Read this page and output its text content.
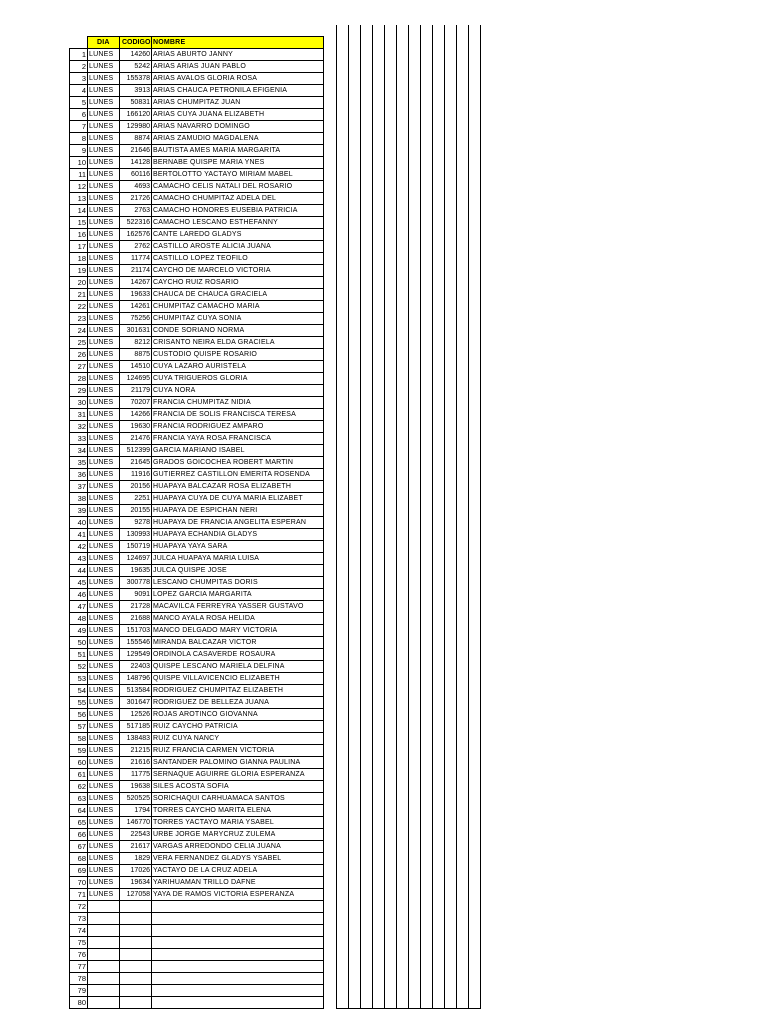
	DIA	CODIGO	NOMBRE													
1	LUNES	14260	ARIAS ABURTO JANNY													
2	LUNES	5242	ARIAS ARIAS JUAN PABLO													
3	LUNES	155378	ARIAS AVALOS GLORIA ROSA													
4	LUNES	3913	ARIAS CHAUCA PETRONILA EFIGENIA													
5	LUNES	50831	ARIAS CHUMPITAZ JUAN													
6	LUNES	166120	ARIAS CUYA JUANA ELIZABETH													
7	LUNES	129980	ARIAS NAVARRO DOMINGO													
8	LUNES	8874	ARIAS ZAMUDIO MAGDALENA													
9	LUNES	21646	BAUTISTA AMES MARIA MARGARITA													
10	LUNES	14128	BERNABE QUISPE MARIA YNES													
11	LUNES	60116	BERTOLOTTO YACTAYO MIRIAM MABEL													
12	LUNES	4693	CAMACHO CELIS NATALI DEL ROSARIO													
13	LUNES	21726	CAMACHO CHUMPITAZ ADELA DEL													
14	LUNES	2763	CAMACHO HONORES EUSEBIA PATRICIA													
15	LUNES	522316	CAMACHO LESCANO ESTHEFANNY													
16	LUNES	162576	CANTE LAREDO GLADYS													
17	LUNES	2762	CASTILLO AROSTE ALICIA JUANA													
18	LUNES	11774	CASTILLO LOPEZ TEOFILO													
19	LUNES	21174	CAYCHO DE MARCELO VICTORIA													
20	LUNES	14267	CAYCHO RUIZ ROSARIO													
21	LUNES	19633	CHAUCA DE CHAUCA GRACIELA													
22	LUNES	14261	CHUMPITAZ CAMACHO MARIA													
23	LUNES	75256	CHUMPITAZ CUYA SONIA													
24	LUNES	301631	CONDE SORIANO NORMA													
25	LUNES	8212	CRISANTO NEIRA ELDA GRACIELA													
26	LUNES	8875	CUSTODIO QUISPE ROSARIO													
27	LUNES	14510	CUYA LAZARO AURISTELA													
28	LUNES	124695	CUYA TRIGUEROS GLORIA													
29	LUNES	21179	CUYA NORA													
30	LUNES	70207	FRANCIA CHUMPITAZ NIDIA													
31	LUNES	14266	FRANCIA DE SOLIS FRANCISCA TERESA													
32	LUNES	19630	FRANCIA RODRIGUEZ AMPARO													
33	LUNES	21476	FRANCIA YAYA ROSA FRANCISCA													
34	LUNES	512399	GARCIA MARIANO ISABEL													
35	LUNES	21645	GRADOS GOICOCHEA ROBERT MARTIN													
36	LUNES	11916	GUTIERREZ CASTILLON EMERITA ROSENDA													
37	LUNES	20156	HUAPAYA BALCAZAR ROSA ELIZABETH													
38	LUNES	2251	HUAPAYA CUYA DE CUYA MARIA ELIZABET													
39	LUNES	20155	HUAPAYA DE ESPICHAN NERI													
40	LUNES	9278	HUAPAYA DE FRANCIA ANGELITA ESPERAN													
41	LUNES	130993	HUAPAYA ECHANDIA GLADYS													
42	LUNES	150719	HUAPAYA YAYA SARA													
43	LUNES	124697	JULCA HUAPAYA MARIA LUISA													
44	LUNES	19635	JULCA QUISPE JOSE													
45	LUNES	300778	LESCANO CHUMPITAS DORIS													
46	LUNES	9091	LOPEZ GARCIA MARGARITA													
47	LUNES	21728	MACAVILCA FERREYRA YASSER GUSTAVO													
48	LUNES	21688	MANCO AYALA ROSA HELIDA													
49	LUNES	151703	MANCO DELGADO MARY VICTORIA													
50	LUNES	155546	MIRANDA BALCAZAR VICTOR													
51	LUNES	129549	ORDINOLA CASAVERDE ROSAURA													
52	LUNES	22403	QUISPE LESCANO MARIELA DELFINA													
53	LUNES	148796	QUISPE VILLAVICENCIO ELIZABETH													
54	LUNES	513584	RODRIGUEZ CHUMPITAZ ELIZABETH													
55	LUNES	301647	RODRIGUEZ DE BELLEZA JUANA													
56	LUNES	12526	ROJAS AROTINCO GIOVANNA													
57	LUNES	517185	RUIZ CAYCHO PATRICIA													
58	LUNES	138483	RUIZ CUYA NANCY													
59	LUNES	21215	RUIZ FRANCIA CARMEN VICTORIA													
60	LUNES	21616	SANTANDER PALOMINO GIANNA PAULINA													
61	LUNES	11775	SERNAQUE AGUIRRE GLORIA ESPERANZA													
62	LUNES	19638	SILES ACOSTA SOFIA													
63	LUNES	520525	SORICHAQUI CARHUAMACA SANTOS													
64	LUNES	1794	TORRES CAYCHO MARITA ELENA													
65	LUNES	146770	TORRES YACTAYO MARIA YSABEL													
66	LUNES	22543	URBE JORGE MARYCRUZ ZULEMA													
67	LUNES	21617	VARGAS ARREDONDO CELIA JUANA													
68	LUNES	1829	VERA FERNANDEZ GLADYS YSABEL													
69	LUNES	17026	YACTAYO DE LA CRUZ ADELA													
70	LUNES	19634	YARIHUAMAN TRILLO DAFNE													
71	LUNES	127058	YAYA DE RAMOS VICTORIA ESPERANZA													
72																
73																
74																
75																
76																
77																
78																
79																
80																
